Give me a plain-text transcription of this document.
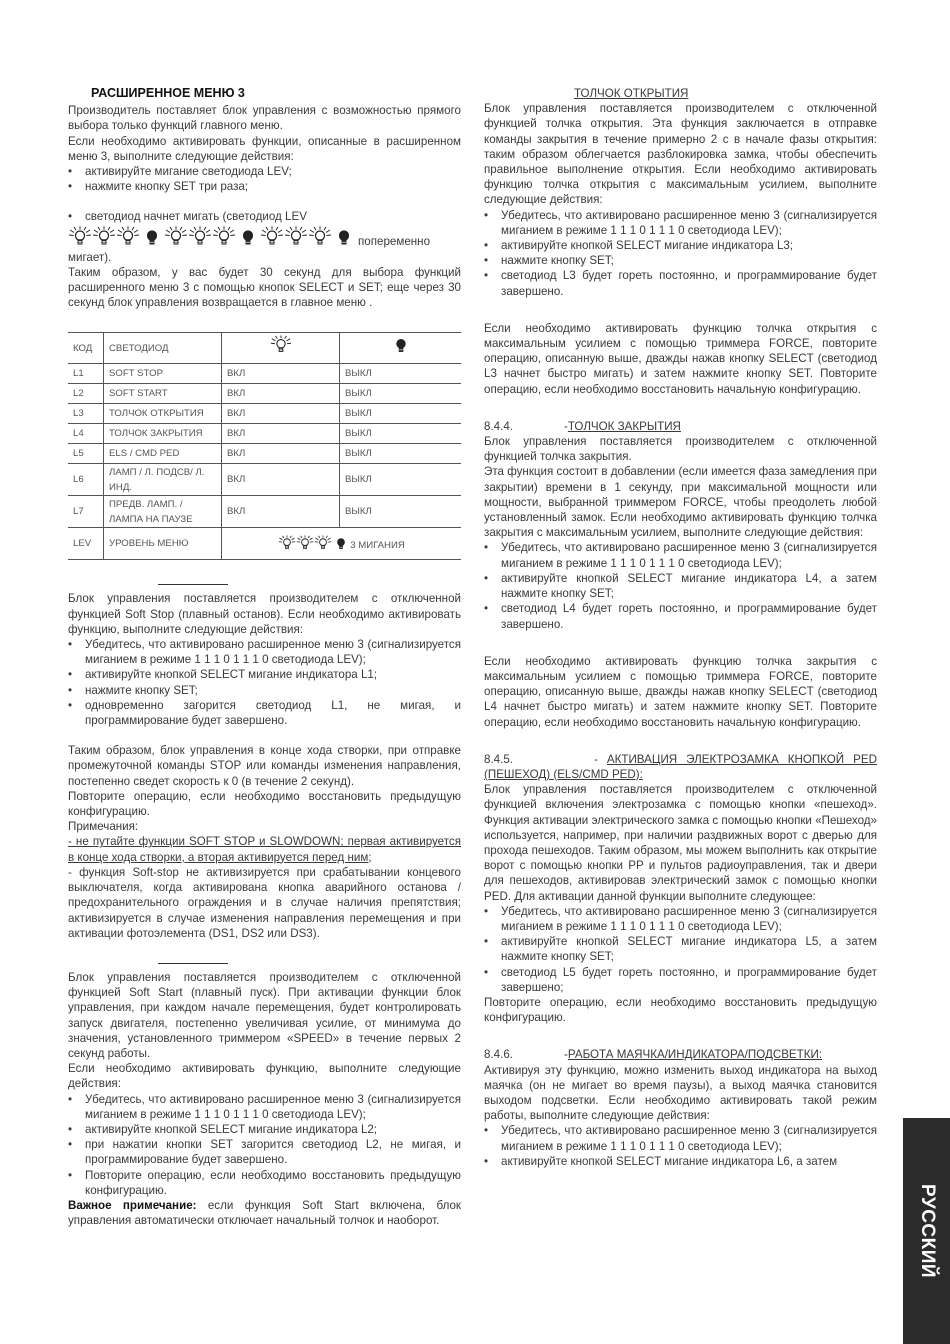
РАСШИРЕННОЕ МЕНЮ 3

Производитель поставляет блок управления с возможностью прямого выбора только функций главного меню.

Если необходимо активировать функции, описанные в расширенном меню 3, выполните следующие действия:

• активируйте мигание светодиода LEV;
• нажмите кнопку SET три раза;
• светодиод начнет мигать (светодиод LEV
попеременно

мигает).

Таким образом, у вас будет 30 секунд для выбора функций расширенного меню 3 с помощью кнопок SELECT и SET; еще через 30 секунд блок управления возвращается в главное меню .

КОД	СВЕТОДИОД		
L1	SOFT STOP	ВКЛ	ВЫКЛ
L2	SOFT START	ВКЛ	ВЫКЛ
L3	ТОЛЧОК ОТКРЫТИЯ	ВКЛ	ВЫКЛ
L4	ТОЛЧОК ЗАКРЫТИЯ	ВКЛ	ВЫКЛ
L5	ELS / CMD PED	ВКЛ	ВЫКЛ
L6	ЛАМП / Л. ПОДСВ/ Л. ИНД.	ВКЛ	ВЫКЛ
L7	ПРЕДВ. ЛАМП. / ЛАМПА НА ПАУЗЕ	ВКЛ	ВЫКЛ
LEV	УРОВЕНЬ МЕНЮ	3 МИГАНИЯ	

Блок управления поставляется производителем с отключенной функцией Soft Stop (плавный останов). Если необходимо активировать функцию, выполните следующие действия:

• Убедитесь, что активировано расширенное меню 3 (сигнализируется миганием в режиме 1 1 1 0 1 1 1 0 светодиода LEV);
• активируйте кнопкой SELECT мигание индикатора L1;
• нажмите кнопку SET;
• одновременно загорится светодиод L1, не мигая, и программирование будет завершено.

Таким образом, блок управления в конце хода створки, при отправке промежуточной команды STOP или команды изменения направления, постепенно сведет скорость к 0 (в течение 2 секунд).

Повторите операцию, если необходимо восстановить предыдущую конфигурацию.

Примечания:

- не путайте функции SOFT STOP и SLOWDOWN; первая активируется в конце хода створки, а вторая активируется перед ним;

- функция Soft-stop не активизируется при срабатывании концевого выключателя, когда активирована кнопка аварийного останова / предохранительного ограждения и в случае наличия препятствия; активизируется в случае изменения направления перемещения и при активации фотоэлемента (DS1, DS2 или DS3).

Блок управления поставляется производителем с отключенной функцией Soft Start (плавный пуск). При активации функции блок управления, при каждом начале перемещения, будет контролировать запуск двигателя, постепенно увеличивая усилие, от минимума до значения, установленного триммером «SPEED» в течение первых 2 секунд работы.

Если необходимо активировать функцию, выполните следующие действия:

• Убедитесь, что активировано расширенное меню 3 (сигнализируется миганием в режиме 1 1 1 0 1 1 1 0 светодиода LEV);
• активируйте кнопкой SELECT мигание индикатора L2;
• при нажатии кнопки SET загорится светодиод L2, не мигая, и программирование будет завершено.
• Повторите операцию, если необходимо восстановить предыдущую конфигурацию.

Важное примечание: если функция Soft Start включена, блок управления автоматически отключает начальный толчок и наоборот.

ТОЛЧОК ОТКРЫТИЯ

Блок управления поставляется производителем с отключенной функцией толчка открытия. Эта функция заключается в отправке команды закрытия в течение примерно 2 с в начале фазы открытия: таким образом облегчается разблокировка замка, чтобы обеспечить правильное выполнение открытия. Если необходимо активировать функцию толчка открытия с максимальным усилием, выполните следующие действия:

• Убедитесь, что активировано расширенное меню 3 (сигнализируется миганием в режиме 1 1 1 0 1 1 1 0 светодиода LEV);
• активируйте кнопкой SELECT мигание индикатора L3;
• нажмите кнопку SET;
• светодиод L3 будет гореть постоянно, и программирование будет завершено.

Если необходимо активировать функцию толчка открытия с максимальным усилием с помощью триммера FORCE, повторите операцию, описанную выше, дважды нажав кнопку SELECT (светодиод L3 начнет быстро мигать) и затем нажмите кнопку SET. Повторите операцию, если необходимо восстановить начальную конфигурацию.

8.4.4.	- ТОЛЧОК ЗАКРЫТИЯ

Блок управления поставляется производителем с отключенной функцией толчка закрытия.

Эта функция состоит в добавлении (если имеется фаза замедления при закрытии) времени в 1 секунду, при максимальной мощности или мощности, выбранной триммером FORCE, чтобы преодолеть любой установленный замок. Если необходимо активировать функцию толчка закрытия с максимальным усилием, выполните следующие действия:

• Убедитесь, что активировано расширенное меню 3 (сигнализируется миганием в режиме 1 1 1 0 1 1 1 0 светодиода LEV);
• активируйте кнопкой SELECT мигание индикатора L4, а затем нажмите кнопку SET;
• светодиод L4 будет гореть постоянно, и программирование будет завершено.

Если необходимо активировать функцию толчка закрытия с максимальным усилием с помощью триммера FORCE, повторите операцию, описанную выше, дважды нажав кнопку SELECT (светодиод L4 начнет быстро мигать) и затем нажмите кнопку SET. Повторите операцию, если необходимо восстановить начальную конфигурацию.

8.4.5.	- АКТИВАЦИЯ ЭЛЕКТРОЗАМКА КНОПКОЙ PED (ПЕШЕХОД) (ELS/CMD PED):

Блок управления поставляется производителем с отключенной функцией включения электрозамка с помощью кнопки «пешеход». Функция активации электрического замка с помощью кнопки «Пешеход» используется, например, при наличии раздвижных ворот с дверью для прохода пешеходов. Таким образом, мы можем выполнить как открытие ворот с помощью кнопки PP и пультов радиоуправления, так и двери для пешеходов, активировав электрический замок с помощью кнопки PED. Для активации данной функции выполните следующее:

• Убедитесь, что активировано расширенное меню 3 (сигнализируется миганием в режиме 1 1 1 0 1 1 1 0 светодиода LEV);
• активируйте кнопкой SELECT мигание индикатора L5, а затем нажмите кнопку SET;
• светодиод L5 будет гореть постоянно, и программирование будет завершено;

Повторите операцию, если необходимо восстановить предыдущую конфигурацию.

8.4.6.	- РАБОТА МАЯЧКА/ИНДИКАТОРА/ПОДСВЕТКИ:

Активируя эту функцию, можно изменить выход индикатора на выход маячка (он не мигает во время паузы), а выход маячка становится выходом подсветки. Если необходимо активировать такой режим работы, выполните следующие действия:

• Убедитесь, что активировано расширенное меню 3 (сигнализируется миганием в режиме 1 1 1 0 1 1 1 0 светодиода LEV);
• активируйте кнопкой SELECT мигание индикатора L6, а затем
РУССКИЙ
